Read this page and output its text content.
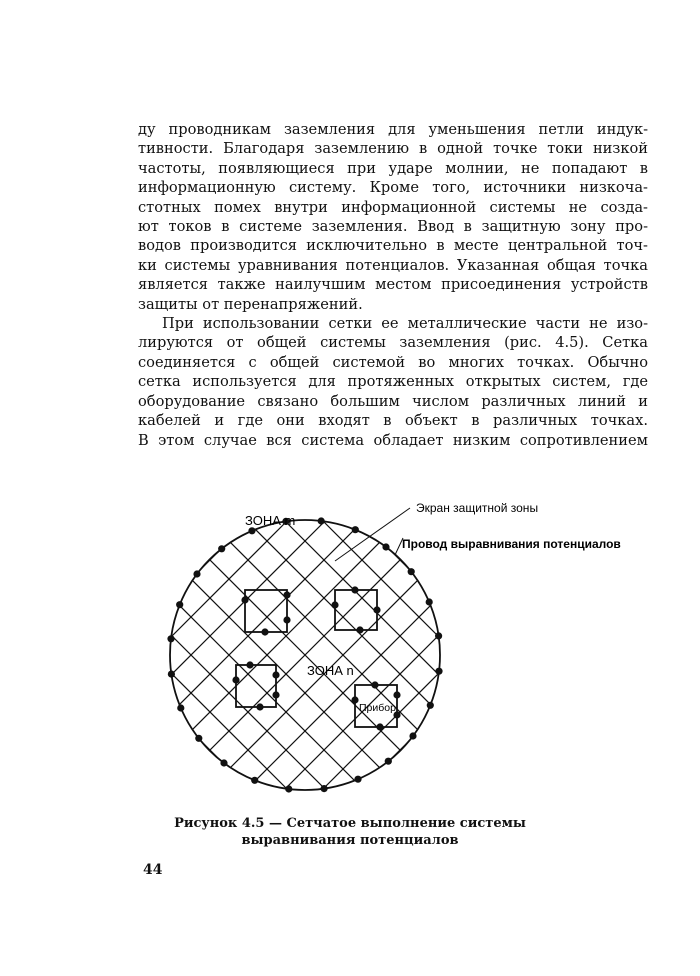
ду проводникам заземления для уменьшения петли индук-
тивности. Благодаря заземлению в одной точке токи низкой
частоты, появляющиеся при ударе молнии, не попадают в
информационную систему. Кроме того, источники низкоча-
стотных помех внутри информационной системы не созда-
ют токов в системе заземления. Ввод в защитную зону про-
водов производится исключительно в месте центральной точ-
ки системы уравнивания потенциалов. Указанная общая точка
является также наилучшим местом присоединения устройств
защиты от перенапряжений.
При использовании сетки ее металлические части не изо-
лируются от общей системы заземления (рис. 4.5). Сетка
соединяется с общей системой во многих точках. Обычно
сетка используется для протяженных открытых систем, где
оборудование связано большим числом различных линий и
кабелей и где они входят в объект в различных точках.
В этом случае вся система обладает низким сопротивлением
ЗОНА m
ЗОНА n
Прибор
Экран защитной зоны
Провод выравнивания потенциалов
Рисунок 4.5 — Сетчатое выполнение системы
выравнивания потенциалов
44
